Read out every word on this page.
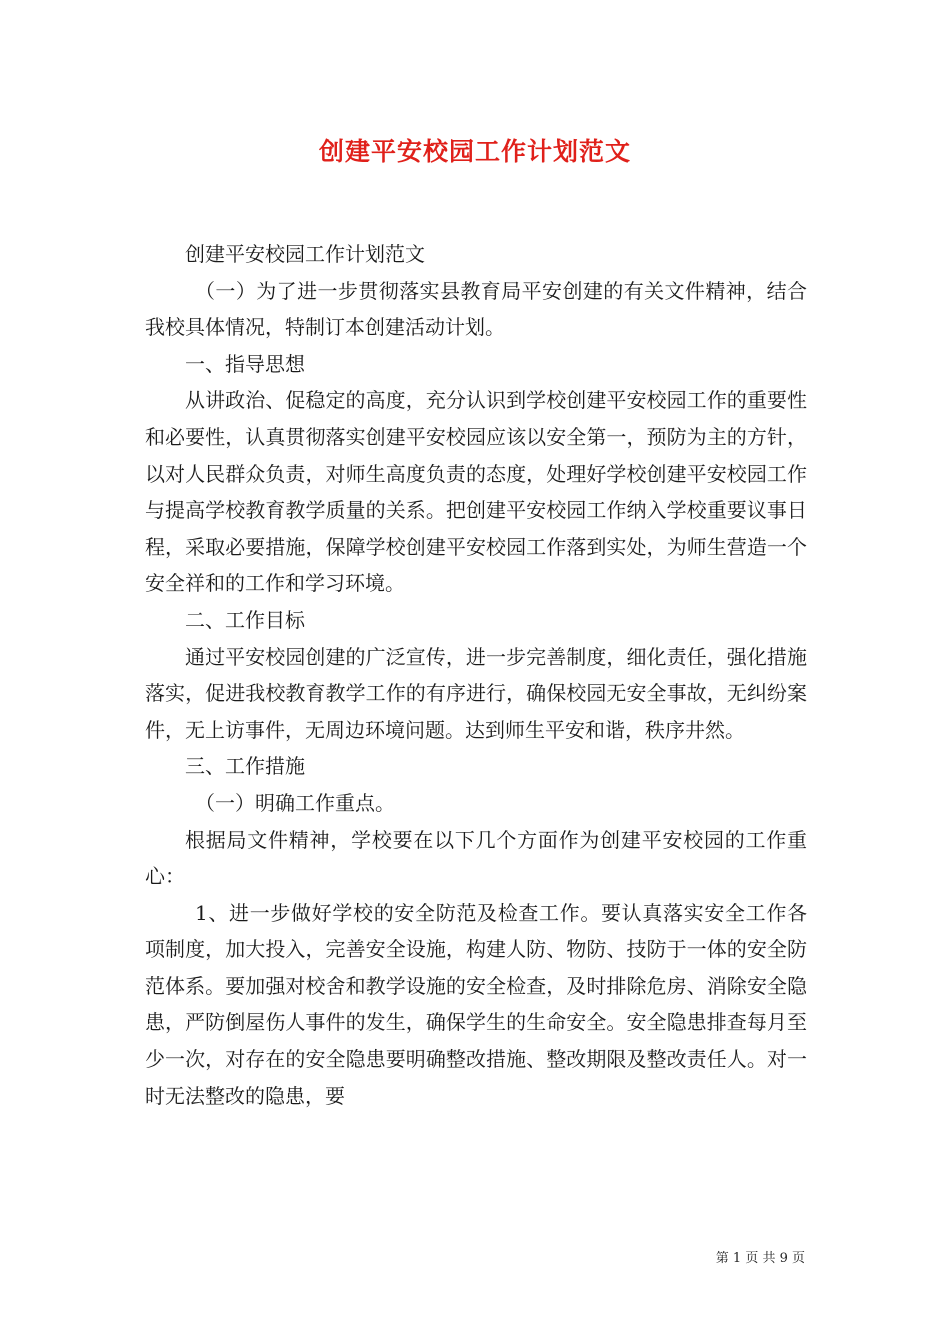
创建平安校园工作计划范文

创建平安校园工作计划范文

（一）为了进一步贯彻落实县教育局平安创建的有关文件精神，结合我校具体情况，特制订本创建活动计划。

一、指导思想

从讲政治、促稳定的高度，充分认识到学校创建平安校园工作的重要性和必要性，认真贯彻落实创建平安校园应该以安全第一，预防为主的方针，以对人民群众负责，对师生高度负责的态度，处理好学校创建平安校园工作与提高学校教育教学质量的关系。把创建平安校园工作纳入学校重要议事日程，采取必要措施，保障学校创建平安校园工作落到实处，为师生营造一个安全祥和的工作和学习环境。

二、工作目标

通过平安校园创建的广泛宣传，进一步完善制度，细化责任，强化措施落实，促进我校教育教学工作的有序进行，确保校园无安全事故，无纠纷案件，无上访事件，无周边环境问题。达到师生平安和谐，秩序井然。

三、工作措施

（一）明确工作重点。

根据局文件精神，学校要在以下几个方面作为创建平安校园的工作重心：

1、进一步做好学校的安全防范及检查工作。要认真落实安全工作各项制度，加大投入，完善安全设施，构建人防、物防、技防于一体的安全防范体系。要加强对校舍和教学设施的安全检查，及时排除危房、消除安全隐患，严防倒屋伤人事件的发生，确保学生的生命安全。安全隐患排查每月至少一次，对存在的安全隐患要明确整改措施、整改期限及整改责任人。对一时无法整改的隐患，要

第 1 页 共 9 页
